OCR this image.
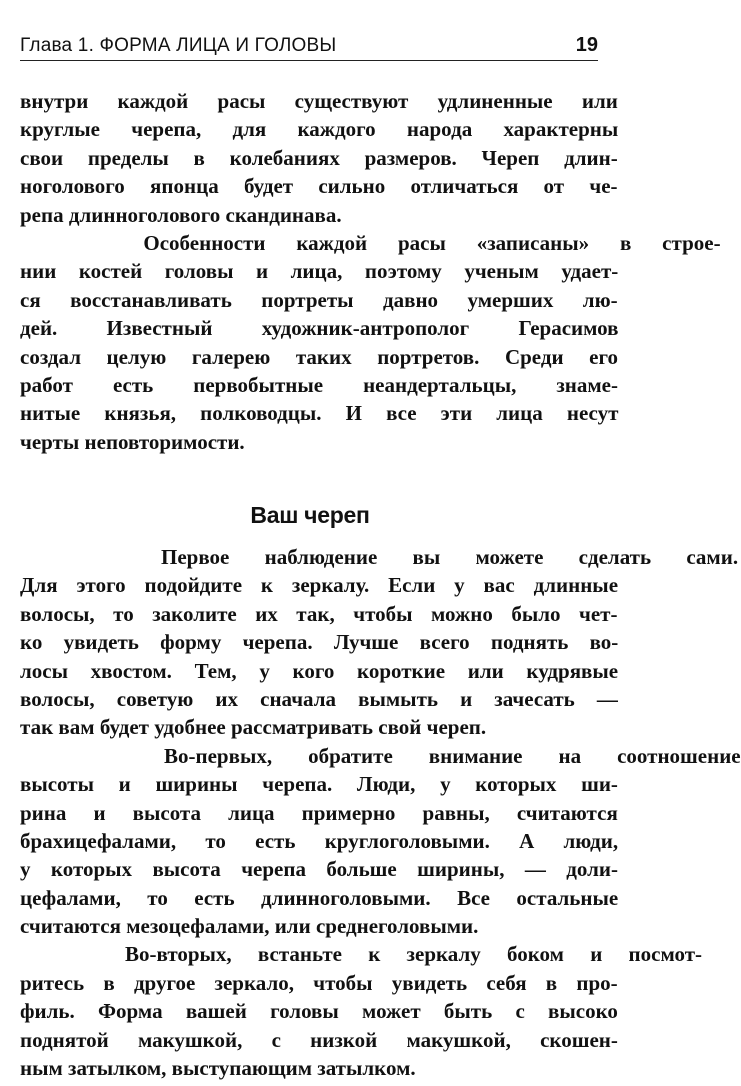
Глава 1. ФОРМА ЛИЦА И ГОЛОВЫ	19
внутри каждой расы существуют удлиненные или
круглые черепа, для каждого народа характерны
свои пределы в колебаниях размеров. Череп длин-
ноголового японца будет сильно отличаться от че-
репа длинноголового скандинава.
Особенности каждой расы «записаны» в строе-
нии костей головы и лица, поэтому ученым удает-
ся восстанавливать портреты давно умерших лю-
дей. Известный художник-антрополог Герасимов
создал целую галерею таких портретов. Среди его
работ есть первобытные неандертальцы, знаме-
нитые князья, полководцы. И все эти лица несут
черты неповторимости.
Ваш череп
Первое наблюдение вы можете сделать сами.
Для этого подойдите к зеркалу. Если у вас длинные
волосы, то заколите их так, чтобы можно было чет-
ко увидеть форму черепа. Лучше всего поднять во-
лосы хвостом. Тем, у кого короткие или кудрявые
волосы, советую их сначала вымыть и зачесать —
так вам будет удобнее рассматривать свой череп.
Во-первых, обратите внимание на соотношение
высоты и ширины черепа. Люди, у которых ши-
рина и высота лица примерно равны, считаются
брахицефалами, то есть круглоголовыми. А люди,
у которых высота черепа больше ширины, — доли-
цефалами, то есть длинноголовыми. Все остальные
считаются мезоцефалами, или среднеголовыми.
Во-вторых, встаньте к зеркалу боком и посмот-
ритесь в другое зеркало, чтобы увидеть себя в про-
филь. Форма вашей головы может быть с высоко
поднятой макушкой, с низкой макушкой, скошен-
ным затылком, выступающим затылком.
